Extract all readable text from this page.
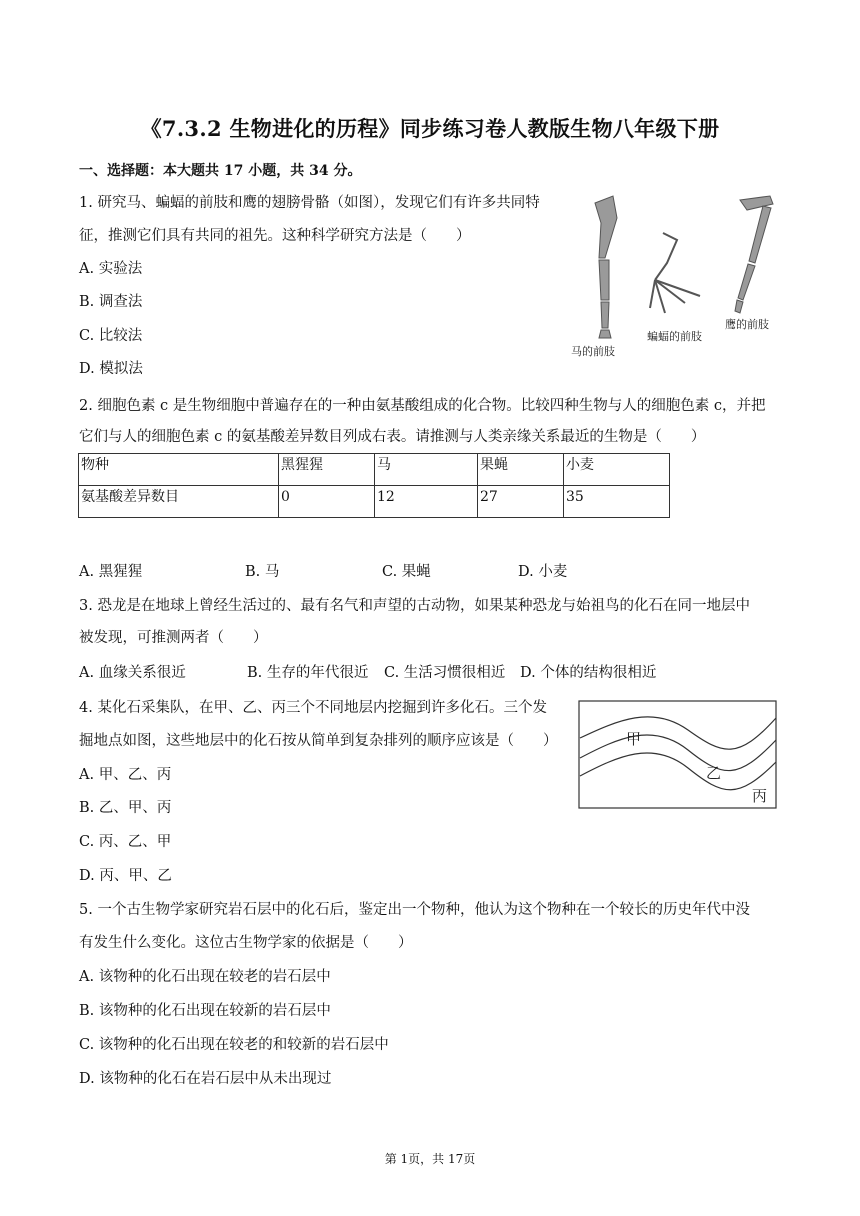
《7.3.2 生物进化的历程》同步练习卷人教版生物八年级下册
一、选择题：本大题共 17 小题，共 34 分。
1. 研究马、蝙蝠的前肢和鹰的翅膀骨骼（如图），发现它们有许多共同特
征，推测它们具有共同的祖先。这种科学研究方法是（　　）
A. 实验法
B. 调查法
C. 比较法
D. 模拟法
马的前肢
蝙蝠的前肢
鹰的前肢
2. 细胞色素 c 是生物细胞中普遍存在的一种由氨基酸组成的化合物。比较四种生物与人的细胞色素 c，并把
它们与人的细胞色素 c 的氨基酸差异数目列成右表。请推测与人类亲缘关系最近的生物是（　　）
物种	黑猩猩	马	果蝇	小麦
氨基酸差异数目	0	12	27	35
A. 黑猩猩	B. 马	C. 果蝇	D. 小麦
3. 恐龙是在地球上曾经生活过的、最有名气和声望的古动物，如果某种恐龙与始祖鸟的化石在同一地层中
被发现，可推测两者（　　）
A. 血缘关系很近	B. 生存的年代很近 C. 生活习惯很相近 D. 个体的结构很相近
4. 某化石采集队，在甲、乙、丙三个不同地层内挖掘到许多化石。三个发
掘地点如图，这些地层中的化石按从简单到复杂排列的顺序应该是（　　）
A. 甲、乙、丙
B. 乙、甲、丙
C. 丙、乙、甲
D. 丙、甲、乙
甲
乙
丙
5. 一个古生物学家研究岩石层中的化石后，鉴定出一个物种，他认为这个物种在一个较长的历史年代中没
有发生什么变化。这位古生物学家的依据是（　　）
A. 该物种的化石出现在较老的岩石层中
B. 该物种的化石出现在较新的岩石层中
C. 该物种的化石出现在较老的和较新的岩石层中
D. 该物种的化石在岩石层中从未出现过
第 1页，共 17页
